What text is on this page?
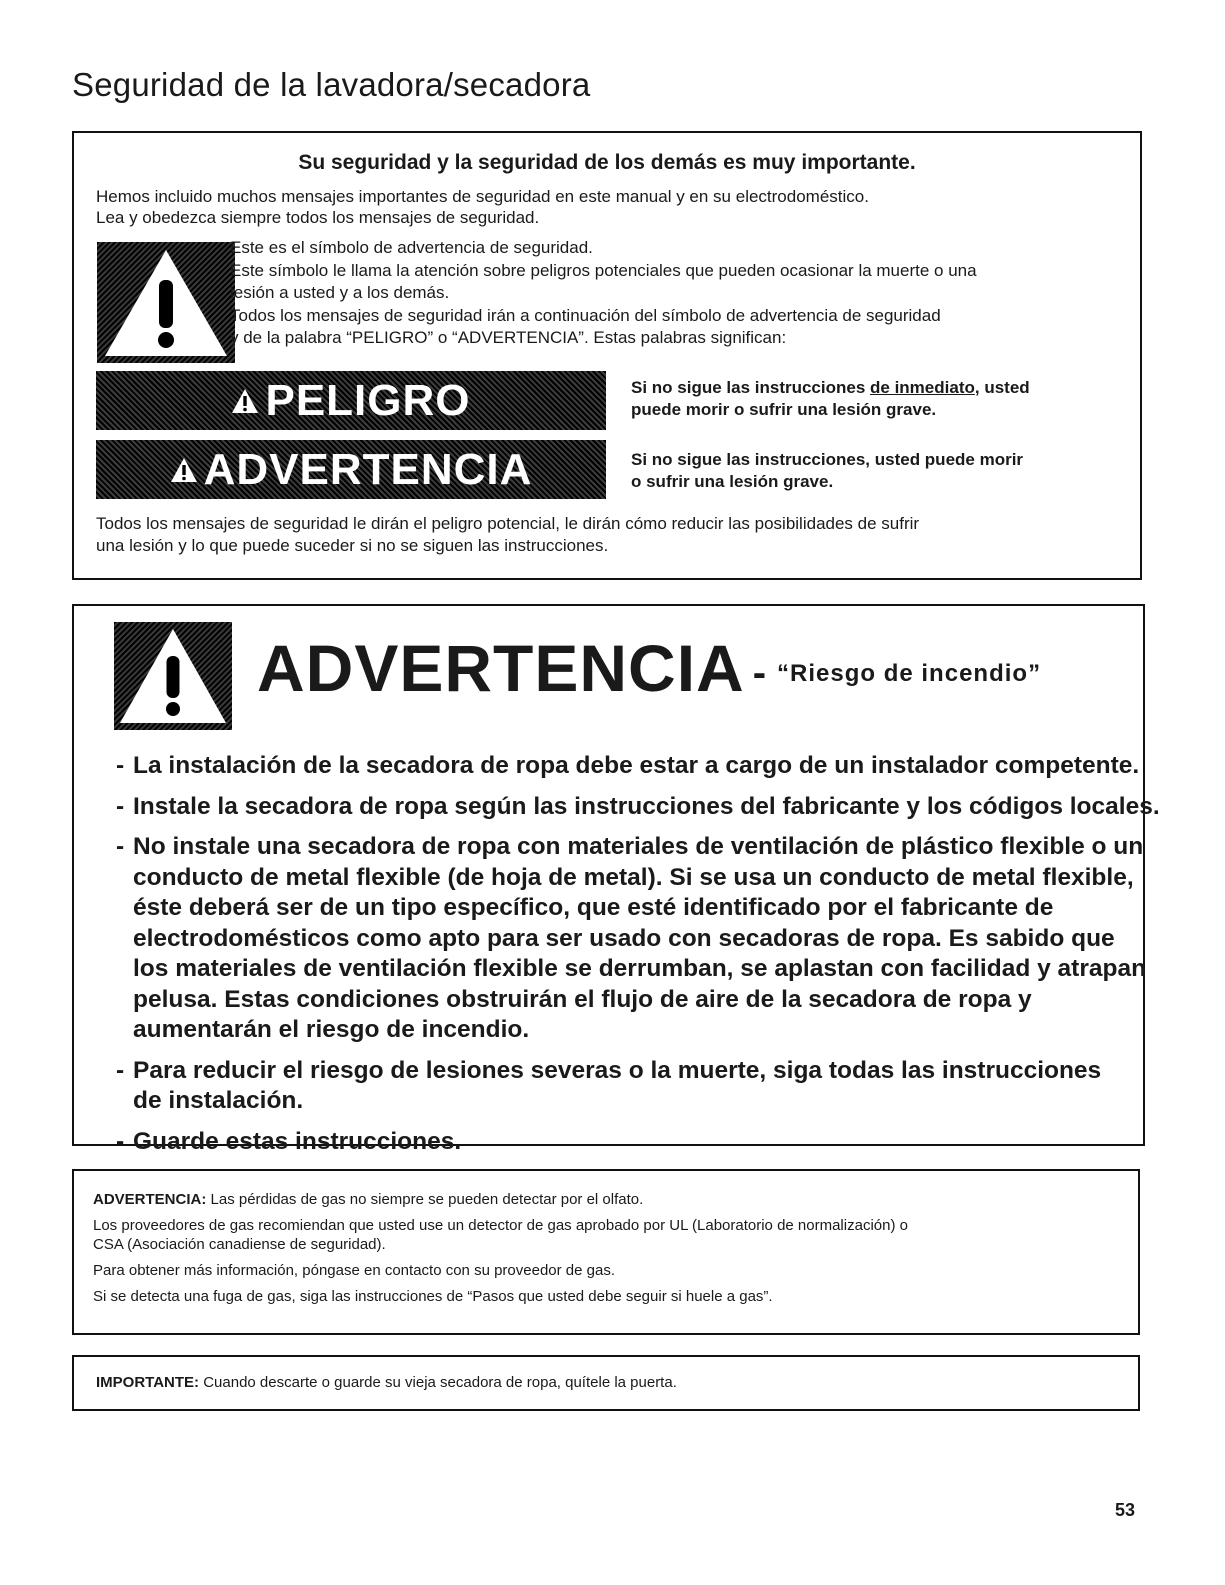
Seguridad de la lavadora/secadora
Su seguridad y la seguridad de los demás es muy importante.
Hemos incluido muchos mensajes importantes de seguridad en este manual y en su electrodoméstico.
Lea y obedezca siempre todos los mensajes de seguridad.
Este es el símbolo de advertencia de seguridad.
Este símbolo le llama la atención sobre peligros potenciales que pueden ocasionar la muerte o una
lesión a usted y a los demás.
Todos los mensajes de seguridad irán a continuación del símbolo de advertencia de seguridad
y de la palabra “PELIGRO” o “ADVERTENCIA”. Estas palabras significan:
PELIGRO	Si no sigue las instrucciones de inmediato, usted
puede morir o sufrir una lesión grave.
ADVERTENCIA	Si no sigue las instrucciones, usted puede morir
o sufrir una lesión grave.
Todos los mensajes de seguridad le dirán el peligro potencial, le dirán cómo reducir las posibilidades de sufrir
una lesión y lo que puede suceder si no se siguen las instrucciones.
ADVERTENCIA - “Riesgo de incendio”
- La instalación de la secadora de ropa debe estar a cargo de un instalador competente.
- Instale la secadora de ropa según las instrucciones del fabricante y los códigos locales.
- No instale una secadora de ropa con materiales de ventilación de plástico flexible o un
conducto de metal flexible (de hoja de metal). Si se usa un conducto de metal flexible,
éste deberá ser de un tipo específico, que esté identificado por el fabricante de
electrodomésticos como apto para ser usado con secadoras de ropa. Es sabido que
los materiales de ventilación flexible se derrumban, se aplastan con facilidad y atrapan
pelusa. Estas condiciones obstruirán el flujo de aire de la secadora de ropa y
aumentarán el riesgo de incendio.
- Para reducir el riesgo de lesiones severas o la muerte, siga todas las instrucciones
de instalación.
- Guarde estas instrucciones.
ADVERTENCIA: Las pérdidas de gas no siempre se pueden detectar por el olfato.
Los proveedores de gas recomiendan que usted use un detector de gas aprobado por UL (Laboratorio de normalización) o
CSA (Asociación canadiense de seguridad).
Para obtener más información, póngase en contacto con su proveedor de gas.
Si se detecta una fuga de gas, siga las instrucciones de “Pasos que usted debe seguir si huele a gas”.
IMPORTANTE: Cuando descarte o guarde su vieja secadora de ropa, quítele la puerta.
53
